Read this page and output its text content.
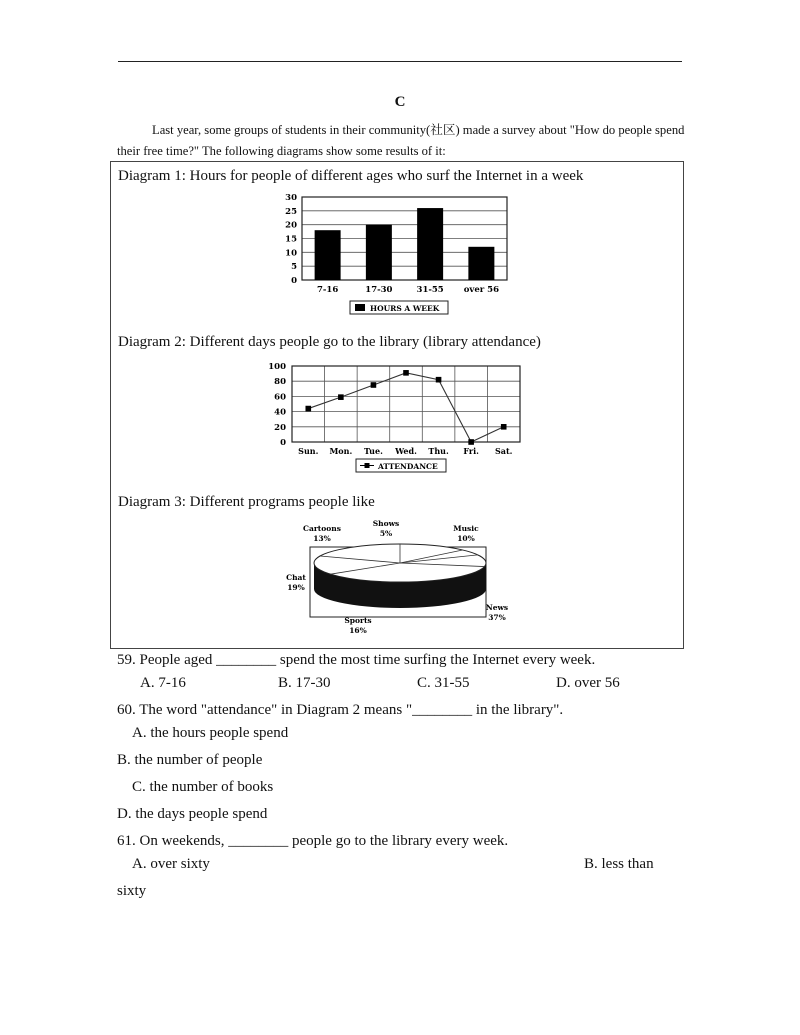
C
Last year, some groups of students in their community(社区) made a survey about "How do people spend their free time?" The following diagrams show some results of it:
Diagram 1: Hours for people of different ages who surf the Internet in a week
0
5
10
15
20
25
30
7-16	17-30	31-55 over 56
HOURS A WEEK
Diagram 2: Different days people go to the library (library attendance)
0
20
40
60
80
100
Sun. Mon. Tue. Wed. Thu. Fri. Sat.
ATTENDANCE
Diagram 3: Different programs people like
Cartoons
13%
Shows
5%
Music
10%
News
37%
Sports
16%
Chat
19%
59. People aged ________ spend the most time surfing the Internet every week.
A. 7-16	B. 17-30	C. 31-55	D. over 56
60. The word "attendance" in Diagram 2 means "________ in the library".
A. the hours people spend
B. the number of people
C. the number of books
D. the days people spend
61. On weekends, ________ people go to the library every week.
A. over sixty	B. less than
sixty
